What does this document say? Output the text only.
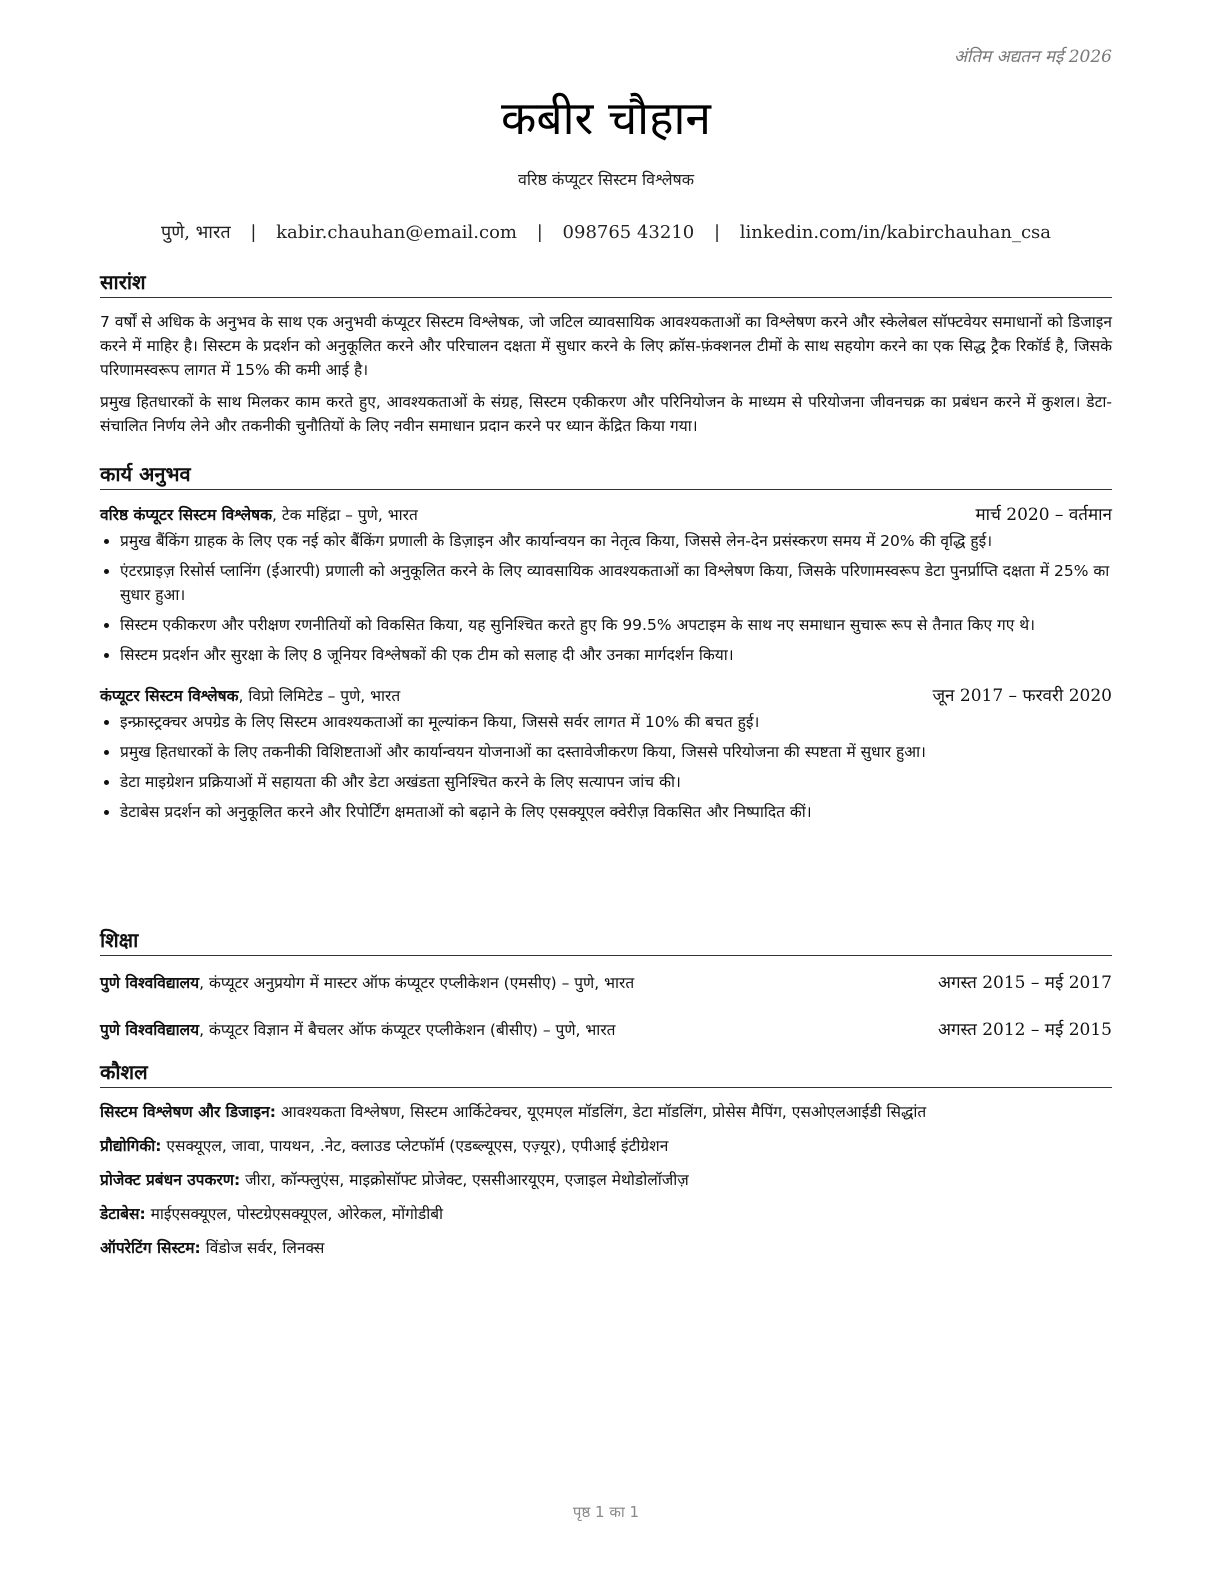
अंतिम अद्यतन मई 2026
कबीर चौहान
वरिष्ठ कंप्यूटर सिस्टम विश्लेषक
पुणे, भारत | kabir.chauhan@email.com | 098765 43210 | linkedin.com/in/kabirchauhan_csa
सारांश

7 वर्षों से अधिक के अनुभव के साथ एक अनुभवी कंप्यूटर सिस्टम विश्लेषक, जो जटिल व्यावसायिक आवश्यकताओं का विश्लेषण करने और स्केलेबल सॉफ्टवेयर समाधानों को डिजाइन करने में माहिर है। सिस्टम के प्रदर्शन को अनुकूलित करने और परिचालन दक्षता में सुधार करने के लिए क्रॉस-फ़ंक्शनल टीमों के साथ सहयोग करने का एक सिद्ध ट्रैक रिकॉर्ड है, जिसके परिणामस्वरूप लागत में 15% की कमी आई है।

प्रमुख हितधारकों के साथ मिलकर काम करते हुए, आवश्यकताओं के संग्रह, सिस्टम एकीकरण और परिनियोजन के माध्यम से परियोजना जीवनचक्र का प्रबंधन करने में कुशल। डेटा-संचालित निर्णय लेने और तकनीकी चुनौतियों के लिए नवीन समाधान प्रदान करने पर ध्यान केंद्रित किया गया।

कार्य अनुभव
वरिष्ठ कंप्यूटर सिस्टम विश्लेषक, टेक महिंद्रा – पुणे, भारत	मार्च 2020 – वर्तमान
• प्रमुख बैंकिंग ग्राहक के लिए एक नई कोर बैंकिंग प्रणाली के डिज़ाइन और कार्यान्वयन का नेतृत्व किया, जिससे लेन-देन प्रसंस्करण समय में 20% की वृद्धि हुई।
• एंटरप्राइज़ रिसोर्स प्लानिंग (ईआरपी) प्रणाली को अनुकूलित करने के लिए व्यावसायिक आवश्यकताओं का विश्लेषण किया, जिसके परिणामस्वरूप डेटा पुनर्प्राप्ति दक्षता में 25% का सुधार हुआ।
• सिस्टम एकीकरण और परीक्षण रणनीतियों को विकसित किया, यह सुनिश्चित करते हुए कि 99.5% अपटाइम के साथ नए समाधान सुचारू रूप से तैनात किए गए थे।
• सिस्टम प्रदर्शन और सुरक्षा के लिए 8 जूनियर विश्लेषकों की एक टीम को सलाह दी और उनका मार्गदर्शन किया।
कंप्यूटर सिस्टम विश्लेषक, विप्रो लिमिटेड – पुणे, भारत	जून 2017 – फरवरी 2020
• इन्फ्रास्ट्रक्चर अपग्रेड के लिए सिस्टम आवश्यकताओं का मूल्यांकन किया, जिससे सर्वर लागत में 10% की बचत हुई।
• प्रमुख हितधारकों के लिए तकनीकी विशिष्टताओं और कार्यान्वयन योजनाओं का दस्तावेजीकरण किया, जिससे परियोजना की स्पष्टता में सुधार हुआ।
• डेटा माइग्रेशन प्रक्रियाओं में सहायता की और डेटा अखंडता सुनिश्चित करने के लिए सत्यापन जांच की।
• डेटाबेस प्रदर्शन को अनुकूलित करने और रिपोर्टिंग क्षमताओं को बढ़ाने के लिए एसक्यूएल क्वेरीज़ विकसित और निष्पादित कीं।
शिक्षा
पुणे विश्वविद्यालय, कंप्यूटर अनुप्रयोग में मास्टर ऑफ कंप्यूटर एप्लीकेशन (एमसीए) – पुणे, भारत	अगस्त 2015 – मई 2017
पुणे विश्वविद्यालय, कंप्यूटर विज्ञान में बैचलर ऑफ कंप्यूटर एप्लीकेशन (बीसीए) – पुणे, भारत	अगस्त 2012 – मई 2015
कौशल
सिस्टम विश्लेषण और डिजाइन: आवश्यकता विश्लेषण, सिस्टम आर्किटेक्चर, यूएमएल मॉडलिंग, डेटा मॉडलिंग, प्रोसेस मैपिंग, एसओएलआईडी सिद्धांत
प्रौद्योगिकी: एसक्यूएल, जावा, पायथन, .नेट, क्लाउड प्लेटफॉर्म (एडब्ल्यूएस, एज़्यूर), एपीआई इंटीग्रेशन
प्रोजेक्ट प्रबंधन उपकरण: जीरा, कॉन्फ्लुएंस, माइक्रोसॉफ्ट प्रोजेक्ट, एससीआरयूएम, एजाइल मेथोडोलॉजीज़
डेटाबेस: माईएसक्यूएल, पोस्टग्रेएसक्यूएल, ओरेकल, मोंगोडीबी
ऑपरेटिंग सिस्टम: विंडोज सर्वर, लिनक्स
पृष्ठ 1 का 1
